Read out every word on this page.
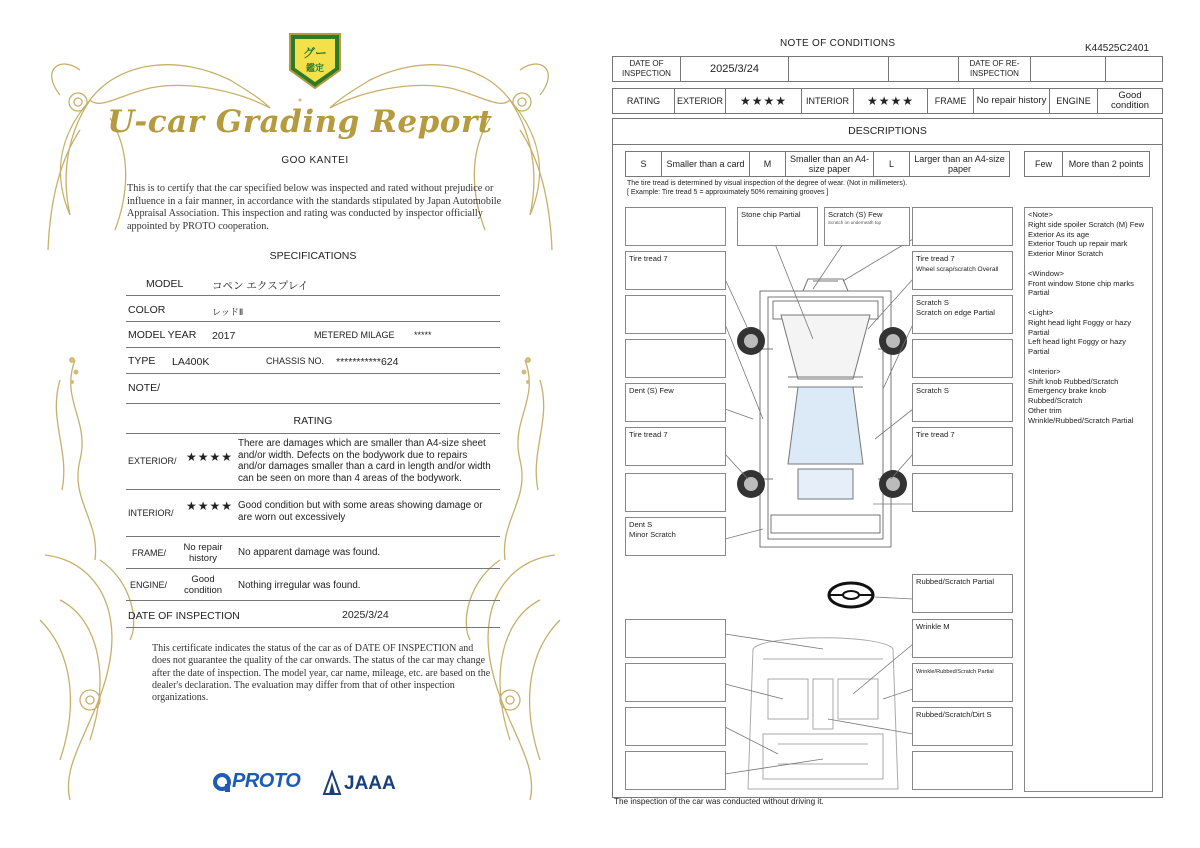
グー
鑑定
U-car Grading Report
GOO KANTEI
This is to certify that the car specified below was inspected and rated without prejudice or influence in a fair manner, in accordance with the standards stipulated by Japan Automobile Appraisal Association. This inspection and rating was conducted by inspector officially appointed by PROTO cooperation.
SPECIFICATIONS
MODEL	コペン エクスプレイ
COLOR	レッドⅡ
MODEL YEAR 2017	METERED MILAGE *****
TYPE LA400K	CHASSIS NO. ***********624
NOTE/
RATING
EXTERIOR/ ★★★★
There are damages which are smaller than A4-size sheet and/or width. Defects on the bodywork due to repairs and/or damages smaller than a card in length and/or width can be seen on more than 4 areas of the bodywork.
INTERIOR/ ★★★★ Good condition but with some areas showing damage or are worn out excessively
FRAME/	No repair history
No apparent damage was found.
ENGINE/	Good condition	Nothing irregular was found.
DATE OF INSPECTION	2025/3/24
This certificate indicates the status of the car as of DATE OF INSPECTION and does not guarantee the quality of the car onwards. The status of the car may change after the date of inspection. The model year, car name, mileage, etc. are based on the dealer's declaration. The evaluation may differ from that of other inspection organizations.
PROTO JAAA
NOTE OF CONDITIONS	K44525C2401
DATE OF INSPECTION	2025/3/24			DATE OF RE-INSPECTION		
RATING	EXTERIOR	★★★★	INTERIOR	★★★★	FRAME	No repair history	ENGINE	Good condition
DESCRIPTIONS
S	Smaller than a card	M	Smaller than an A4-size paper	L	Larger than an A4-size paper	Few	More than 2 points
The tire tread is determined by visual inspection of the degree of wear. (Not in millimeters).
[ Example: Tire tread 5 = approximately 50% remaining grooves ]
Stone chip Partial	Scratch (S) Few
Scratch on underneath top
Tire tread 7	Tire tread 7
Wheel scrap/scratch Overall
Scratch S
Scratch on edge Partial
Dent (S) Few	Scratch S
Tire tread 7	Tire tread 7
Dent S
Minor Scratch
Rubbed/Scratch Partial
Wrinkle M
Wrinkle/Rubbed/Scratch Partial
Rubbed/Scratch/Dirt S
<Note>
Right side spoiler Scratch (M) Few
Exterior As its age
Exterior Touch up repair mark
Exterior Minor Scratch

<Window>
Front window Stone chip marks Partial

<Light>
Right head light Foggy or hazy Partial
Left head light Foggy or hazy Partial

<Interior>
Shift knob Rubbed/Scratch
Emergency brake knob Rubbed/Scratch
Other trim
Wrinkle/Rubbed/Scratch Partial
The inspection of the car was conducted without driving it.
